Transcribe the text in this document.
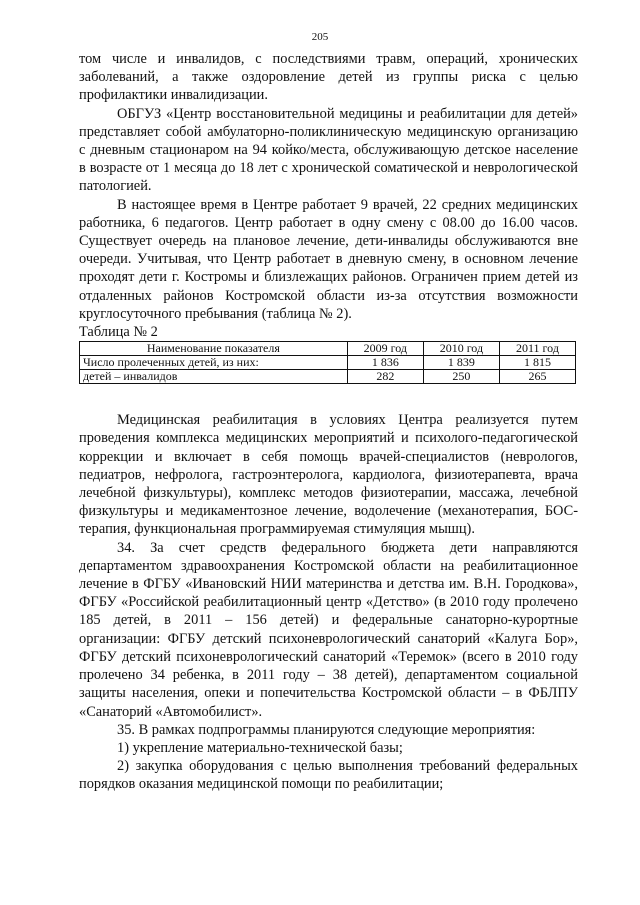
205

том числе и инвалидов, с последствиями травм, операций, хронических заболеваний, а также оздоровление детей из группы риска с целью профилактики инвалидизации.

ОБГУЗ «Центр восстановительной медицины и реабилитации для детей» представляет собой амбулаторно-поликлиническую медицинскую организацию с дневным стационаром на 94 койко/места, обслуживающую детское население в возрасте от 1 месяца до 18 лет с хронической соматической и неврологической патологией.

В настоящее время в Центре работает 9 врачей, 22 средних медицинских работника, 6 педагогов. Центр работает в одну смену с 08.00 до 16.00 часов. Существует очередь на плановое лечение, дети-инвалиды обслуживаются вне очереди. Учитывая, что Центр работает в дневную смену, в основном лечение проходят дети г. Костромы и близлежащих районов. Ограничен прием детей из отдаленных районов Костромской области из-за отсутствия возможности круглосуточного пребывания (таблица № 2).

Таблица № 2

Наименование показателя	2009 год	2010 год	2011 год
Число пролеченных детей, из них:	1 836	1 839	1 815
детей – инвалидов	282	250	265

Медицинская реабилитация в условиях Центра реализуется путем проведения комплекса медицинских мероприятий и психолого-педагогической коррекции и включает в себя помощь врачей-специалистов (неврологов, педиатров, нефролога, гастроэнтеролога, кардиолога, физиотерапевта, врача лечебной физкультуры), комплекс методов физиотерапии, массажа, лечебной физкультуры и медикаментозное лечение, водолечение (механотерапия, БОС-терапия, функциональная программируемая стимуляция мышц).

34. За счет средств федерального бюджета дети направляются департаментом здравоохранения Костромской области на реабилитационное лечение в ФГБУ «Ивановский НИИ материнства и детства им. В.Н. Городкова», ФГБУ «Российской реабилитационный центр «Детство» (в 2010 году пролечено 185 детей, в 2011 – 156 детей) и федеральные санаторно-курортные организации: ФГБУ детский психоневрологический санаторий «Калуга Бор», ФГБУ детский психоневрологический санаторий «Теремок» (всего в 2010 году пролечено 34 ребенка, в 2011 году – 38 детей), департаментом социальной защиты населения, опеки и попечительства Костромской области – в ФБЛПУ «Санаторий «Автомобилист».

35. В рамках подпрограммы планируются следующие мероприятия:

1) укрепление материально-технической базы;

2) закупка оборудования с целью выполнения требований федеральных порядков оказания медицинской помощи по реабилитации;
